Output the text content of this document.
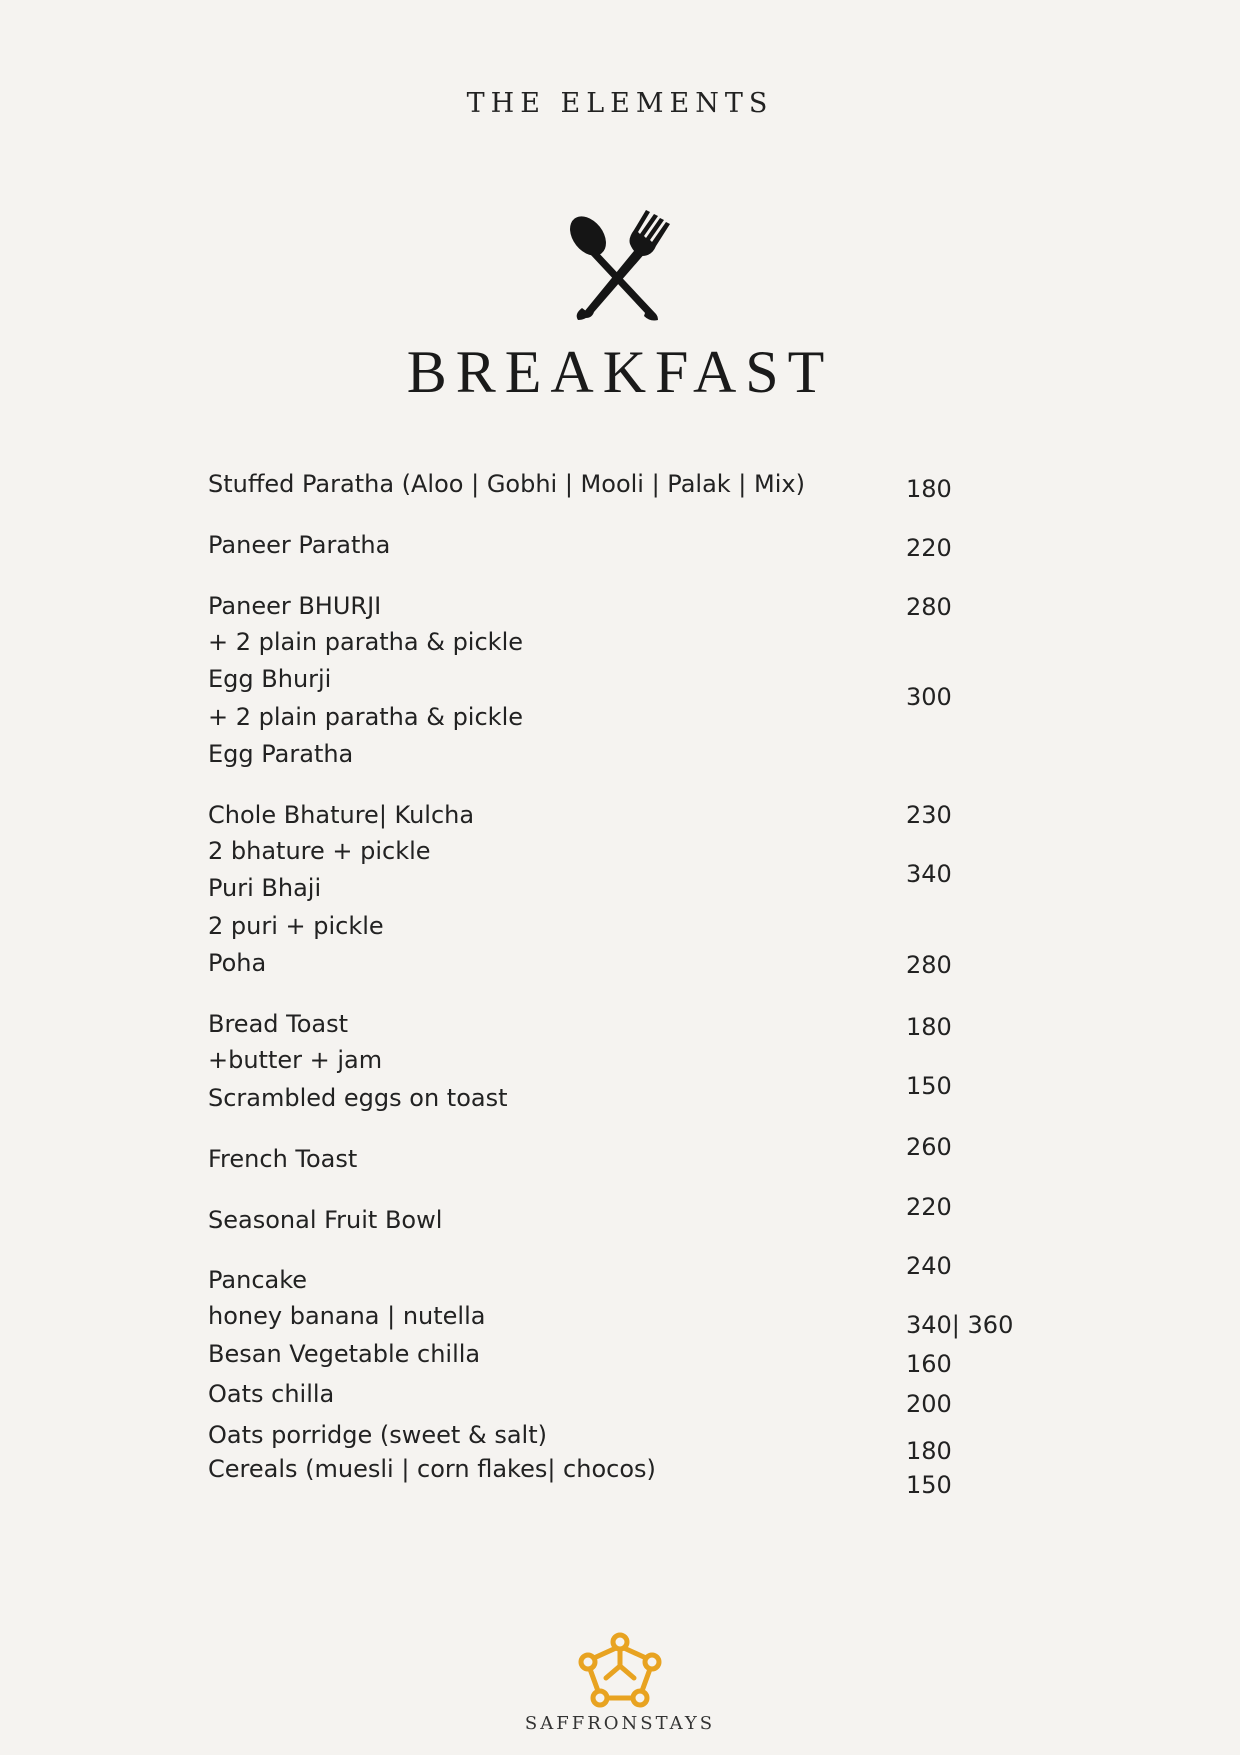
THE ELEMENTS
BREAKFAST
Stuffed Paratha (Aloo | Gobhi | Mooli | Palak | Mix)
Paneer Paratha
Paneer BHURJI
+ 2 plain paratha & pickle
Egg Bhurji
+ 2 plain paratha & pickle
Egg Paratha
Chole Bhature| Kulcha
2 bhature + pickle
Puri Bhaji
2 puri + pickle
Poha
Bread Toast
+butter + jam
Scrambled eggs on toast
French Toast
Seasonal Fruit Bowl
Pancake
honey banana | nutella
Besan Vegetable chilla
Oats chilla
Oats porridge (sweet & salt)
Cereals (muesli | corn flakes| chocos)
180
220
280
300
230
340
280
180
150
260
220
240
340| 360
160
200
180
150
SAFFRONSTAYS
